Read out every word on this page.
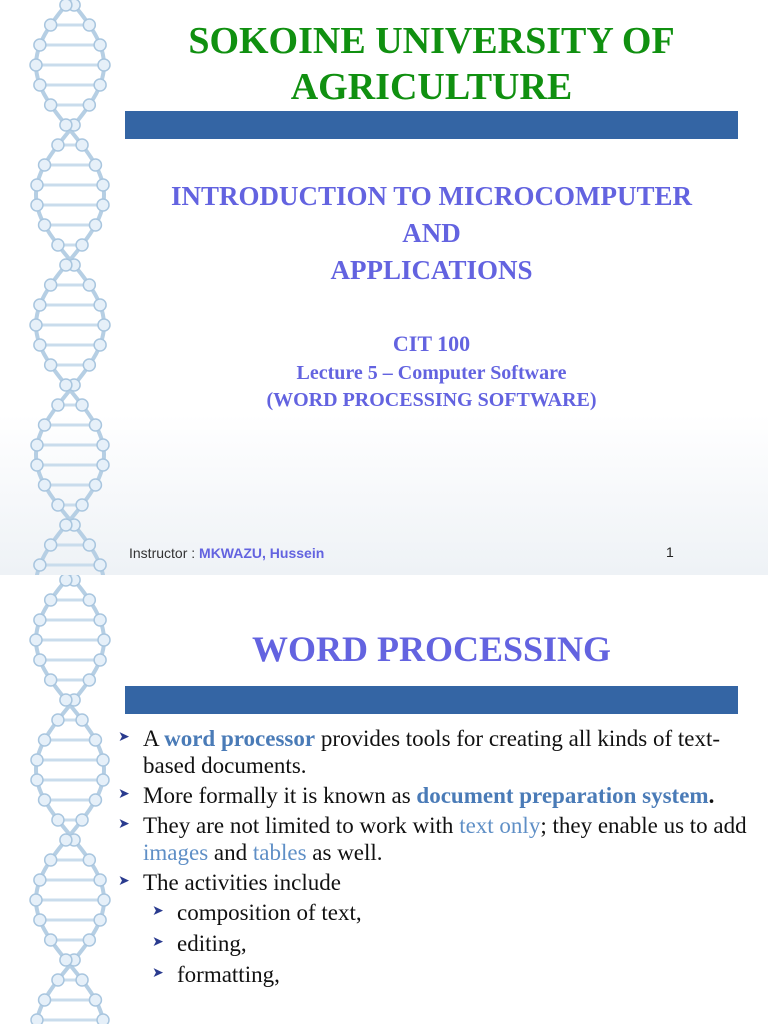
SOKOINE UNIVERSITY OF
AGRICULTURE
INTRODUCTION TO MICROCOMPUTER
AND
APPLICATIONS
CIT 100
Lecture 5 – Computer Software
(WORD PROCESSING SOFTWARE)
Instructor : MKWAZU, Hussein	1
WORD PROCESSING
➤ A word processor provides tools for creating all kinds of text-based documents.
➤ More formally it is known as document preparation system.
➤ They are not limited to work with text only; they enable us to add images and tables as well.
➤ The activities include
➤ composition of text,
➤ editing,
➤ formatting,
